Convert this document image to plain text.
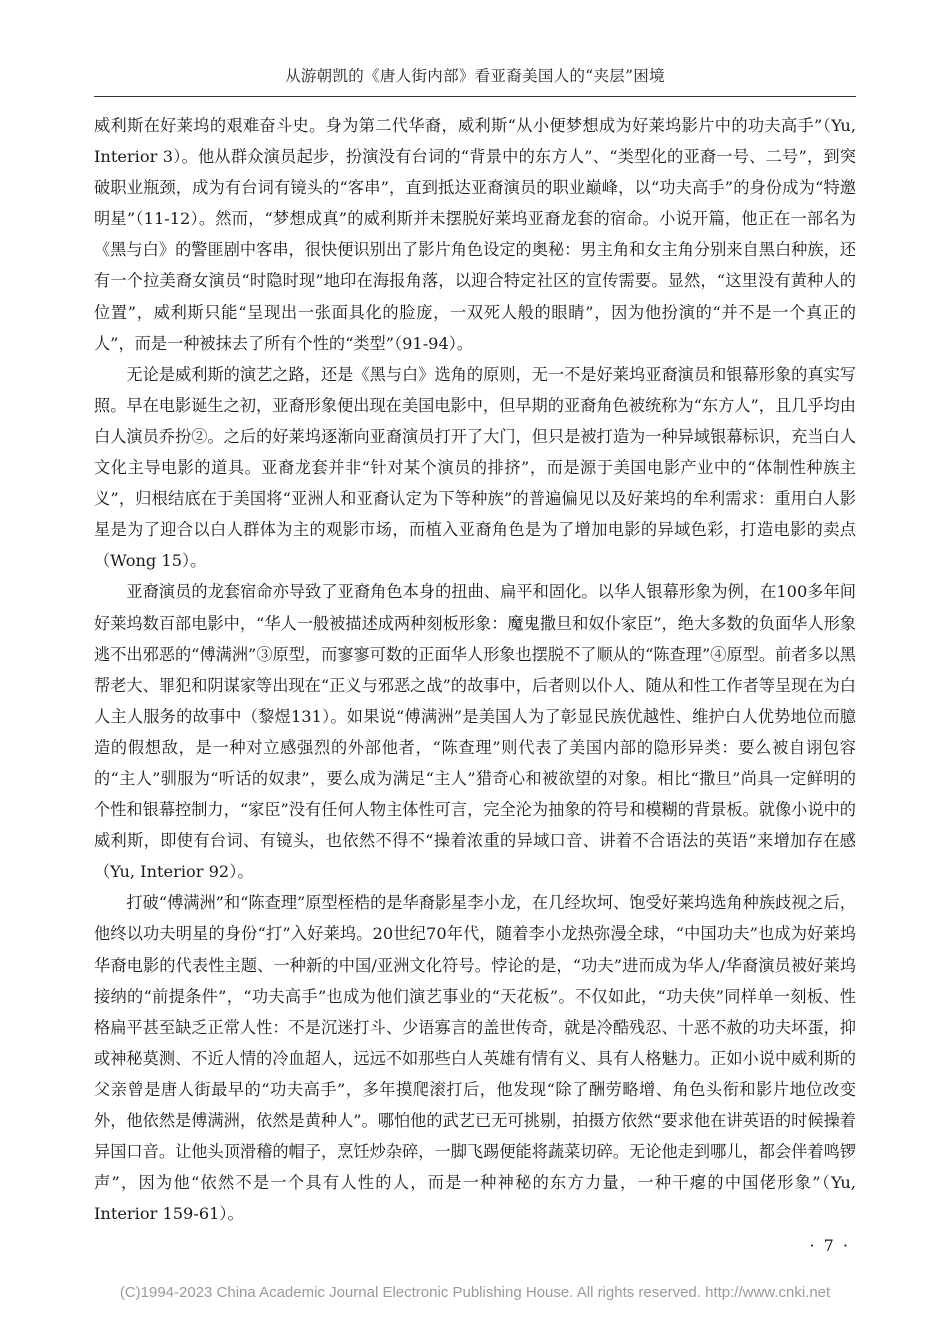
从游朝凯的《唐人街内部》看亚裔美国人的“夹层”困境

威利斯在好莱坞的艰难奋斗史。身为第二代华裔，威利斯“从小便梦想成为好莱坞影片中的功夫高手”（Yu, Interior 3）。他从群众演员起步，扮演没有台词的“背景中的东方人”、“类型化的亚裔一号、二号”，到突破职业瓶颈，成为有台词有镜头的“客串”，直到抵达亚裔演员的职业巅峰，以“功夫高手”的身份成为“特邀明星”（11-12）。然而，“梦想成真”的威利斯并未摆脱好莱坞亚裔龙套的宿命。小说开篇，他正在一部名为《黑与白》的警匪剧中客串，很快便识别出了影片角色设定的奥秘：男主角和女主角分别来自黑白种族，还有一个拉美裔女演员“时隐时现”地印在海报角落，以迎合特定社区的宣传需要。显然，“这里没有黄种人的位置”，威利斯只能“呈现出一张面具化的脸庞，一双死人般的眼睛”，因为他扮演的“并不是一个真正的人”，而是一种被抹去了所有个性的“类型”（91-94）。

无论是威利斯的演艺之路，还是《黑与白》选角的原则，无一不是好莱坞亚裔演员和银幕形象的真实写照。早在电影诞生之初，亚裔形象便出现在美国电影中，但早期的亚裔角色被统称为“东方人”，且几乎均由白人演员乔扮②。之后的好莱坞逐渐向亚裔演员打开了大门，但只是被打造为一种异域银幕标识，充当白人文化主导电影的道具。亚裔龙套并非“针对某个演员的排挤”，而是源于美国电影产业中的“体制性种族主义”，归根结底在于美国将“亚洲人和亚裔认定为下等种族”的普遍偏见以及好莱坞的牟利需求：重用白人影星是为了迎合以白人群体为主的观影市场，而植入亚裔角色是为了增加电影的异域色彩，打造电影的卖点（Wong 15）。

亚裔演员的龙套宿命亦导致了亚裔角色本身的扭曲、扁平和固化。以华人银幕形象为例，在100多年间好莱坞数百部电影中，“华人一般被描述成两种刻板形象：魔鬼撒旦和奴仆家臣”，绝大多数的负面华人形象逃不出邪恶的“傅满洲”③原型，而寥寥可数的正面华人形象也摆脱不了顺从的“陈查理”④原型。前者多以黑帮老大、罪犯和阴谋家等出现在“正义与邪恶之战”的故事中，后者则以仆人、随从和性工作者等呈现在为白人主人服务的故事中（黎煜131）。如果说“傅满洲”是美国人为了彰显民族优越性、维护白人优势地位而臆造的假想敌，是一种对立感强烈的外部他者，“陈查理”则代表了美国内部的隐形异类：要么被自诩包容的“主人”驯服为“听话的奴隶”，要么成为满足“主人”猎奇心和被欲望的对象。相比“撒旦”尚具一定鲜明的个性和银幕控制力，“家臣”没有任何人物主体性可言，完全沦为抽象的符号和模糊的背景板。就像小说中的威利斯，即使有台词、有镜头，也依然不得不“操着浓重的异域口音、讲着不合语法的英语”来增加存在感（Yu, Interior 92）。

打破“傅满洲”和“陈查理”原型桎梏的是华裔影星李小龙，在几经坎坷、饱受好莱坞选角种族歧视之后，他终以功夫明星的身份“打”入好莱坞。20世纪70年代，随着李小龙热弥漫全球，“中国功夫”也成为好莱坞华裔电影的代表性主题、一种新的中国/亚洲文化符号。悖论的是，“功夫”进而成为华人/华裔演员被好莱坞接纳的“前提条件”，“功夫高手”也成为他们演艺事业的“天花板”。不仅如此，“功夫侠”同样单一刻板、性格扁平甚至缺乏正常人性：不是沉迷打斗、少语寡言的盖世传奇，就是冷酷残忍、十恶不赦的功夫坏蛋，抑或神秘莫测、不近人情的冷血超人，远远不如那些白人英雄有情有义、具有人格魅力。正如小说中威利斯的父亲曾是唐人街最早的“功夫高手”，多年摸爬滚打后，他发现“除了酬劳略增、角色头衔和影片地位改变外，他依然是傅满洲，依然是黄种人”。哪怕他的武艺已无可挑剔，拍摄方依然“要求他在讲英语的时候操着异国口音。让他头顶滑稽的帽子，烹饪炒杂碎，一脚飞踢便能将蔬菜切碎。无论他走到哪儿，都会伴着鸣锣声”，因为他“依然不是一个具有人性的人，而是一种神秘的东方力量，一种干瘪的中国佬形象”（Yu, Interior 159-61）。

· 7 ·
(C)1994-2023 China Academic Journal Electronic Publishing House. All rights reserved. http://www.cnki.net
